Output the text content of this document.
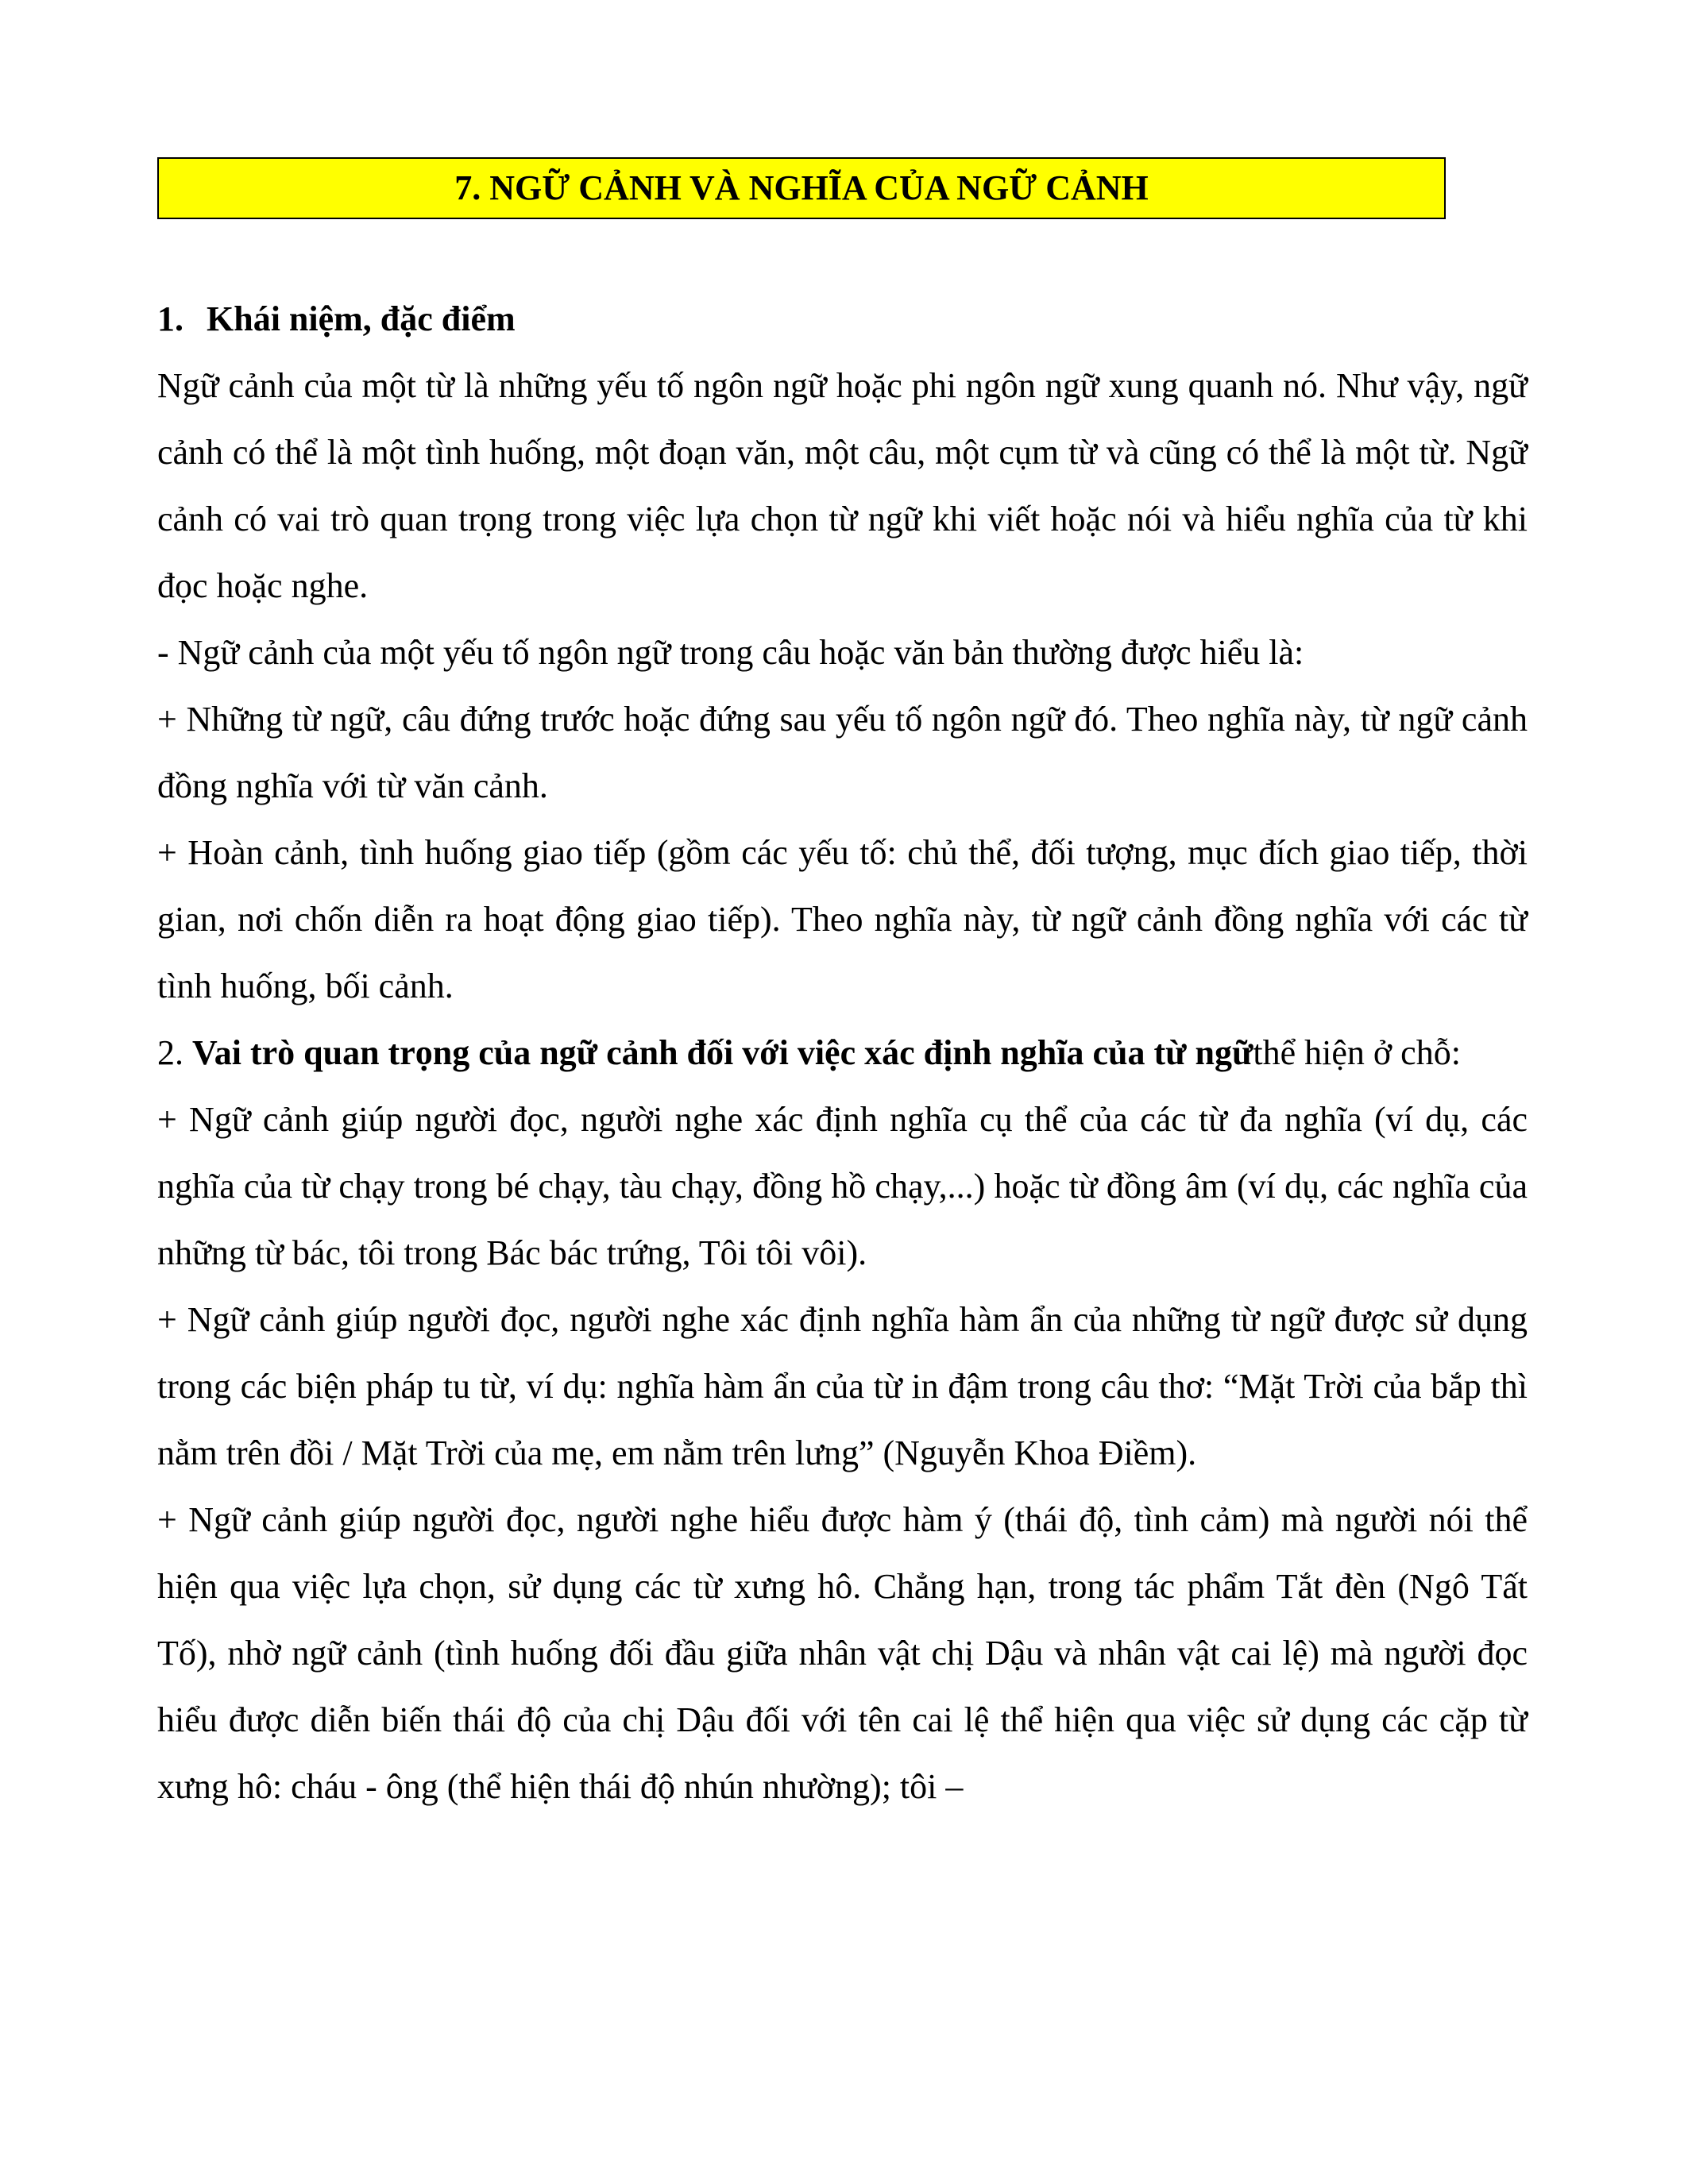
7. NGỮ CẢNH VÀ NGHĨA CỦA NGỮ CẢNH
1. Khái niệm, đặc điểm

Ngữ cảnh của một từ là những yếu tố ngôn ngữ hoặc phi ngôn ngữ xung quanh nó. Như vậy, ngữ cảnh có thể là một tình huống, một đoạn văn, một câu, một cụm từ và cũng có thể là một từ. Ngữ cảnh có vai trò quan trọng trong việc lựa chọn từ ngữ khi viết hoặc nói và hiểu nghĩa của từ khi đọc hoặc nghe.

- Ngữ cảnh của một yếu tố ngôn ngữ trong câu hoặc văn bản thường được hiểu là:

+ Những từ ngữ, câu đứng trước hoặc đứng sau yếu tố ngôn ngữ đó. Theo nghĩa này, từ ngữ cảnh đồng nghĩa với từ văn cảnh.

+ Hoàn cảnh, tình huống giao tiếp (gồm các yếu tố: chủ thể, đối tượng, mục đích giao tiếp, thời gian, nơi chốn diễn ra hoạt động giao tiếp). Theo nghĩa này, từ ngữ cảnh đồng nghĩa với các từ tình huống, bối cảnh.

2. Vai trò quan trọng của ngữ cảnh đối với việc xác định nghĩa của từ ngữthể hiện ở chỗ:

+ Ngữ cảnh giúp người đọc, người nghe xác định nghĩa cụ thể của các từ đa nghĩa (ví dụ, các nghĩa của từ chạy trong bé chạy, tàu chạy, đồng hồ chạy,...) hoặc từ đồng âm (ví dụ, các nghĩa của những từ bác, tôi trong Bác bác trứng, Tôi tôi vôi).

+ Ngữ cảnh giúp người đọc, người nghe xác định nghĩa hàm ẩn của những từ ngữ được sử dụng trong các biện pháp tu từ, ví dụ: nghĩa hàm ẩn của từ in đậm trong câu thơ: “Mặt Trời của bắp thì nằm trên đồi / Mặt Trời của mẹ, em nằm trên lưng” (Nguyễn Khoa Điềm).

+ Ngữ cảnh giúp người đọc, người nghe hiểu được hàm ý (thái độ, tình cảm) mà người nói thể hiện qua việc lựa chọn, sử dụng các từ xưng hô. Chẳng hạn, trong tác phẩm Tắt đèn (Ngô Tất Tố), nhờ ngữ cảnh (tình huống đối đầu giữa nhân vật chị Dậu và nhân vật cai lệ) mà người đọc hiểu được diễn biến thái độ của chị Dậu đối với tên cai lệ thể hiện qua việc sử dụng các cặp từ xưng hô: cháu - ông (thể hiện thái độ nhún nhường); tôi –
